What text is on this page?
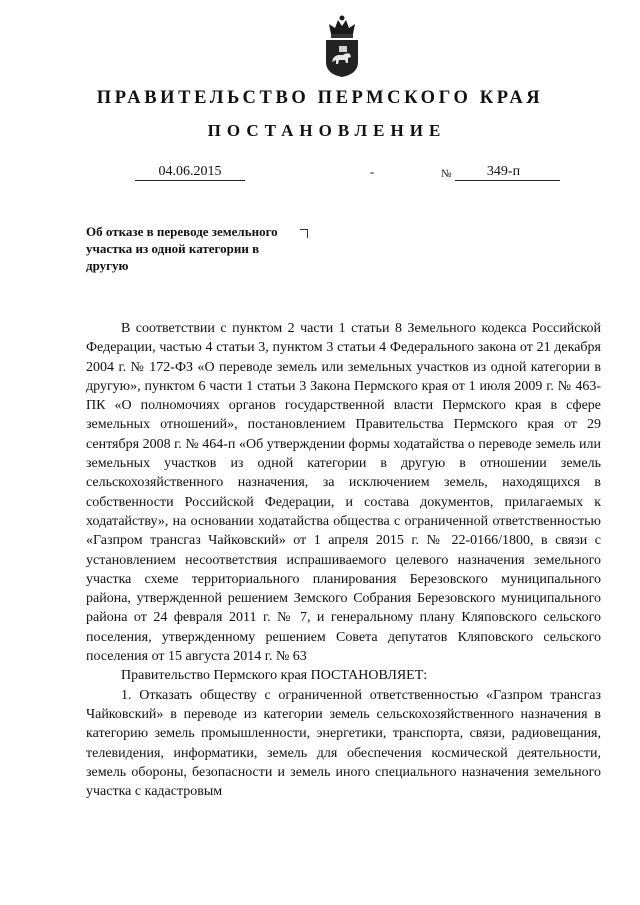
ПРАВИТЕЛЬСТВО ПЕРМСКОГО КРАЯ
ПОСТАНОВЛЕНИЕ
04.06.2015	-	№	349-п
Об отказе в переводе земельного участка из одной категории в другую

В соответствии с пунктом 2 части 1 статьи 8 Земельного кодекса Российской Федерации, частью 4 статьи 3, пунктом 3 статьи 4 Федерального закона от 21 декабря 2004 г. № 172-ФЗ «О переводе земель или земельных участков из одной категории в другую», пунктом 6 части 1 статьи 3 Закона Пермского края от 1 июля 2009 г. № 463-ПК «О полномочиях органов государственной власти Пермского края в сфере земельных отношений», постановлением Правительства Пермского края от 29 сентября 2008 г. № 464-п «Об утверждении формы ходатайства о переводе земель или земельных участков из одной категории в другую в отношении земель сельскохозяйственного назначения, за исключением земель, находящихся в собственности Российской Федерации, и состава документов, прилагаемых к ходатайству», на основании ходатайства общества с ограниченной ответственностью «Газпром трансгаз Чайковский» от 1 апреля 2015 г. № 22-0166/1800, в связи с установлением несоответствия испрашиваемого целевого назначения земельного участка схеме территориального планирования Березовского муниципального района, утвержденной решением Земского Собрания Березовского муниципального района от 24 февраля 2011 г. № 7, и генеральному плану Кляповского сельского поселения, утвержденному решением Совета депутатов Кляповского сельского поселения от 15 августа 2014 г. № 63

Правительство Пермского края ПОСТАНОВЛЯЕТ:

1. Отказать обществу с ограниченной ответственностью «Газпром трансгаз Чайковский» в переводе из категории земель сельскохозяйственного назначения в категорию земель промышленности, энергетики, транспорта, связи, радиовещания, телевидения, информатики, земель для обеспечения космической деятельности, земель обороны, безопасности и земель иного специального назначения земельного участка с кадастровым
